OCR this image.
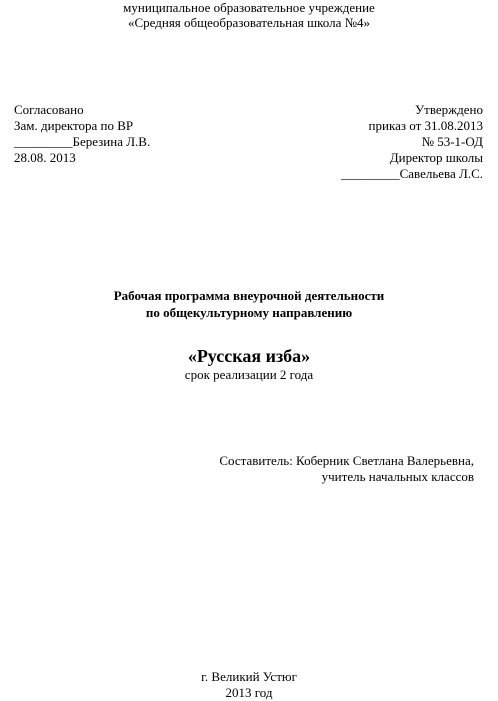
муниципальное образовательное учреждение
«Средняя общеобразовательная школа №4»
Согласовано
Зам. директора по ВР
_________Березина Л.В.
28.08. 2013
Утверждено
приказ от 31.08.2013
№ 53-1-ОД
Директор школы
_________Савельева Л.С.
Рабочая программа внеурочной деятельности
по общекультурному направлению
«Русская изба»
срок реализации 2 года
Составитель: Коберник Светлана Валерьевна,
учитель начальных классов
г. Великий Устюг
2013 год
